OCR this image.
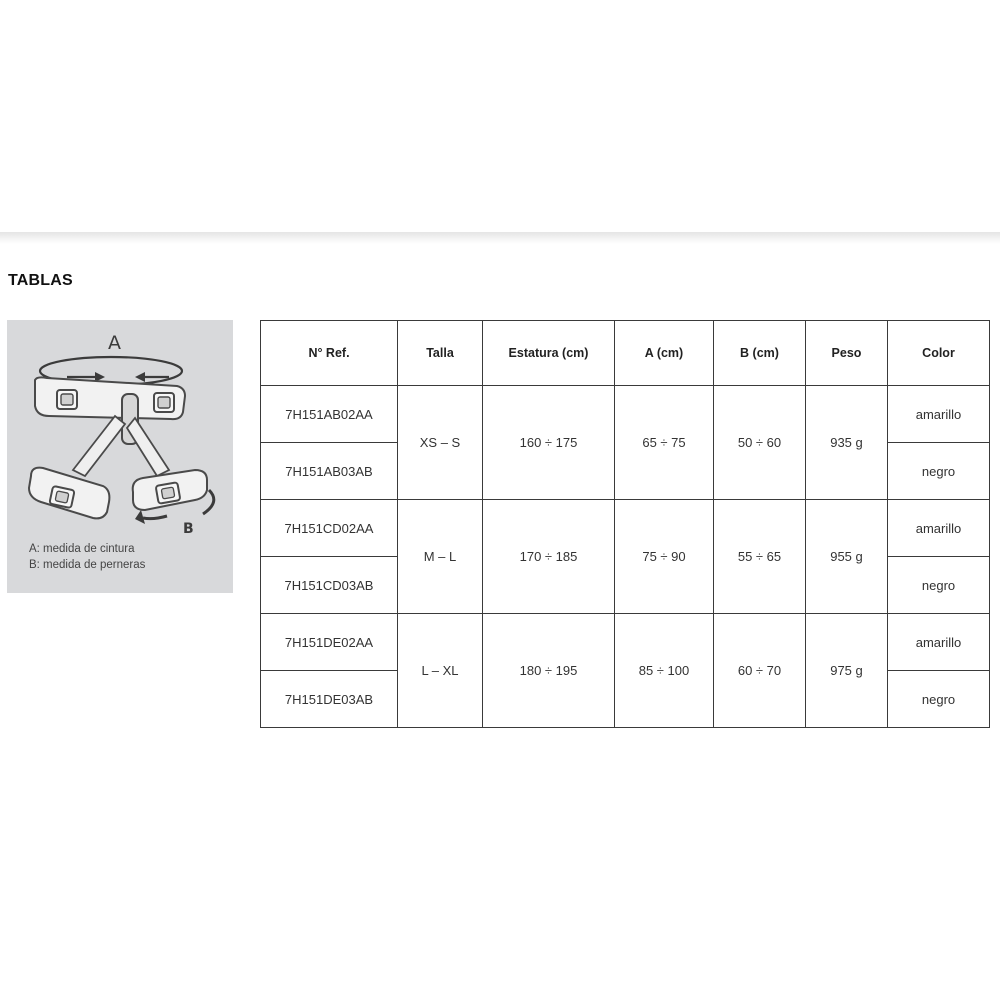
TABLAS
A
B
A: medida de cintura
B: medida de perneras
N° Ref.	Talla	Estatura (cm)	A (cm)	B (cm)	Peso	Color
7H151AB02AA	XS – S	160 ÷ 175	65 ÷ 75	50 ÷ 60	935 g	amarillo
7H151AB03AB						negro
7H151CD02AA	M – L	170 ÷ 185	75 ÷ 90	55 ÷ 65	955 g	amarillo
7H151CD03AB						negro
7H151DE02AA	L – XL	180 ÷ 195	85 ÷ 100	60 ÷ 70	975 g	amarillo
7H151DE03AB						negro
